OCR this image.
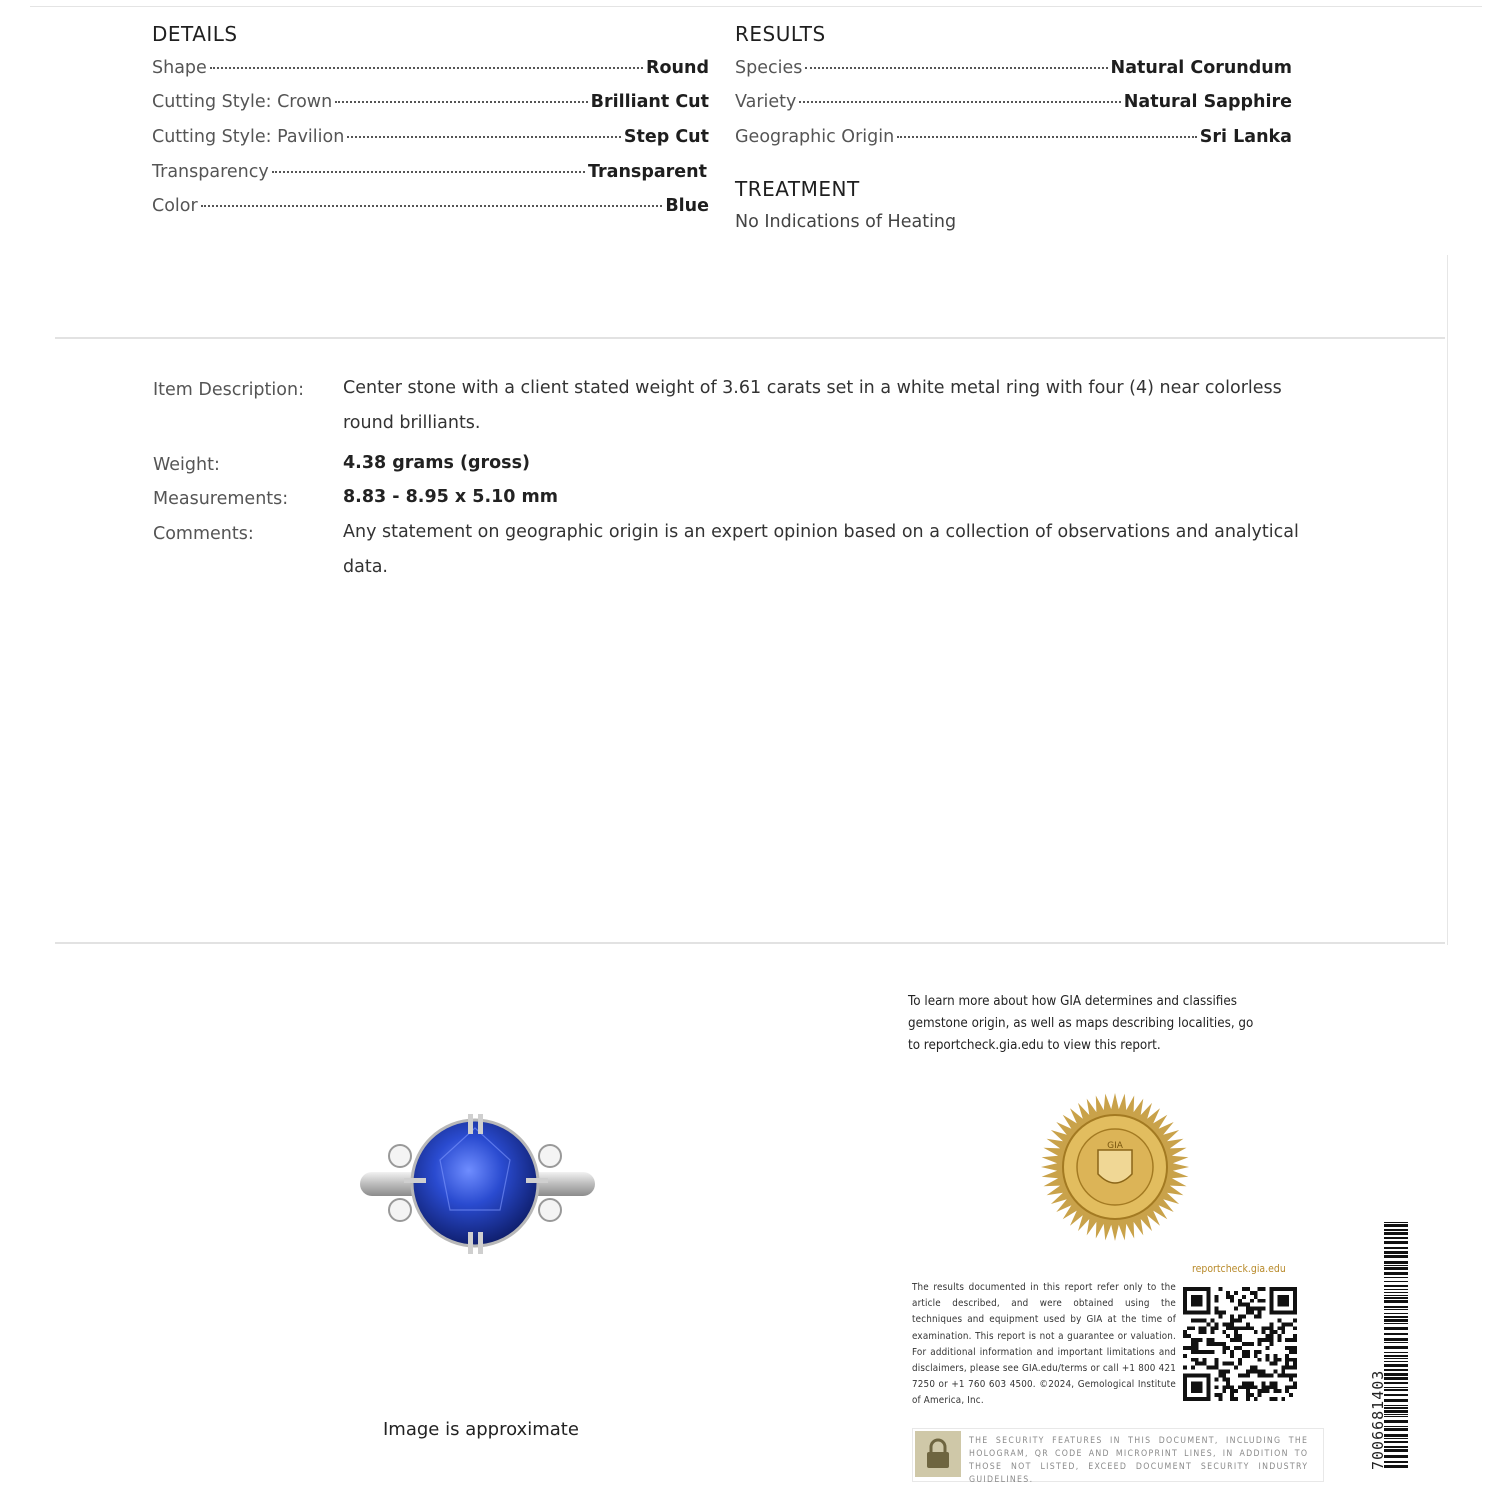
DETAILS
Shape	Round
Cutting Style: Crown	Brilliant Cut
Cutting Style: Pavilion	Step Cut
Transparency	Transparent
Color	Blue
RESULTS
Species	Natural Corundum
Variety	Natural Sapphire
Geographic Origin	Sri Lanka
TREATMENT
No Indications of Heating
Item Description: Center stone with a client stated weight of 3.61 carats set in a white metal ring with four (4) near colorless round brilliants.
Weight:	4.38 grams (gross)
Measurements:	8.83 - 8.95 x 5.10 mm
Comments:	Any statement on geographic origin is an expert opinion based on a collection of observations and analytical data.
To learn more about how GIA determines and classifies gemstone origin, as well as maps describing localities, go to reportcheck.gia.edu to view this report.
Image is approximate
GIA
reportcheck.gia.edu
The results documented in this report refer only to the article described, and were obtained using the techniques and equipment used by GIA at the time of examination. This report is not a guarantee or valuation. For additional information and important limitations and disclaimers, please see GIA.edu/terms or call +1 800 421 7250 or +1 760 603 4500. ©2024, Gemological Institute of America, Inc.
THE SECURITY FEATURES IN THIS DOCUMENT, INCLUDING THE HOLOGRAM, QR CODE AND MICROPRINT LINES, IN ADDITION TO THOSE NOT LISTED, EXCEED DOCUMENT SECURITY INDUSTRY GUIDELINES.
7006681403
